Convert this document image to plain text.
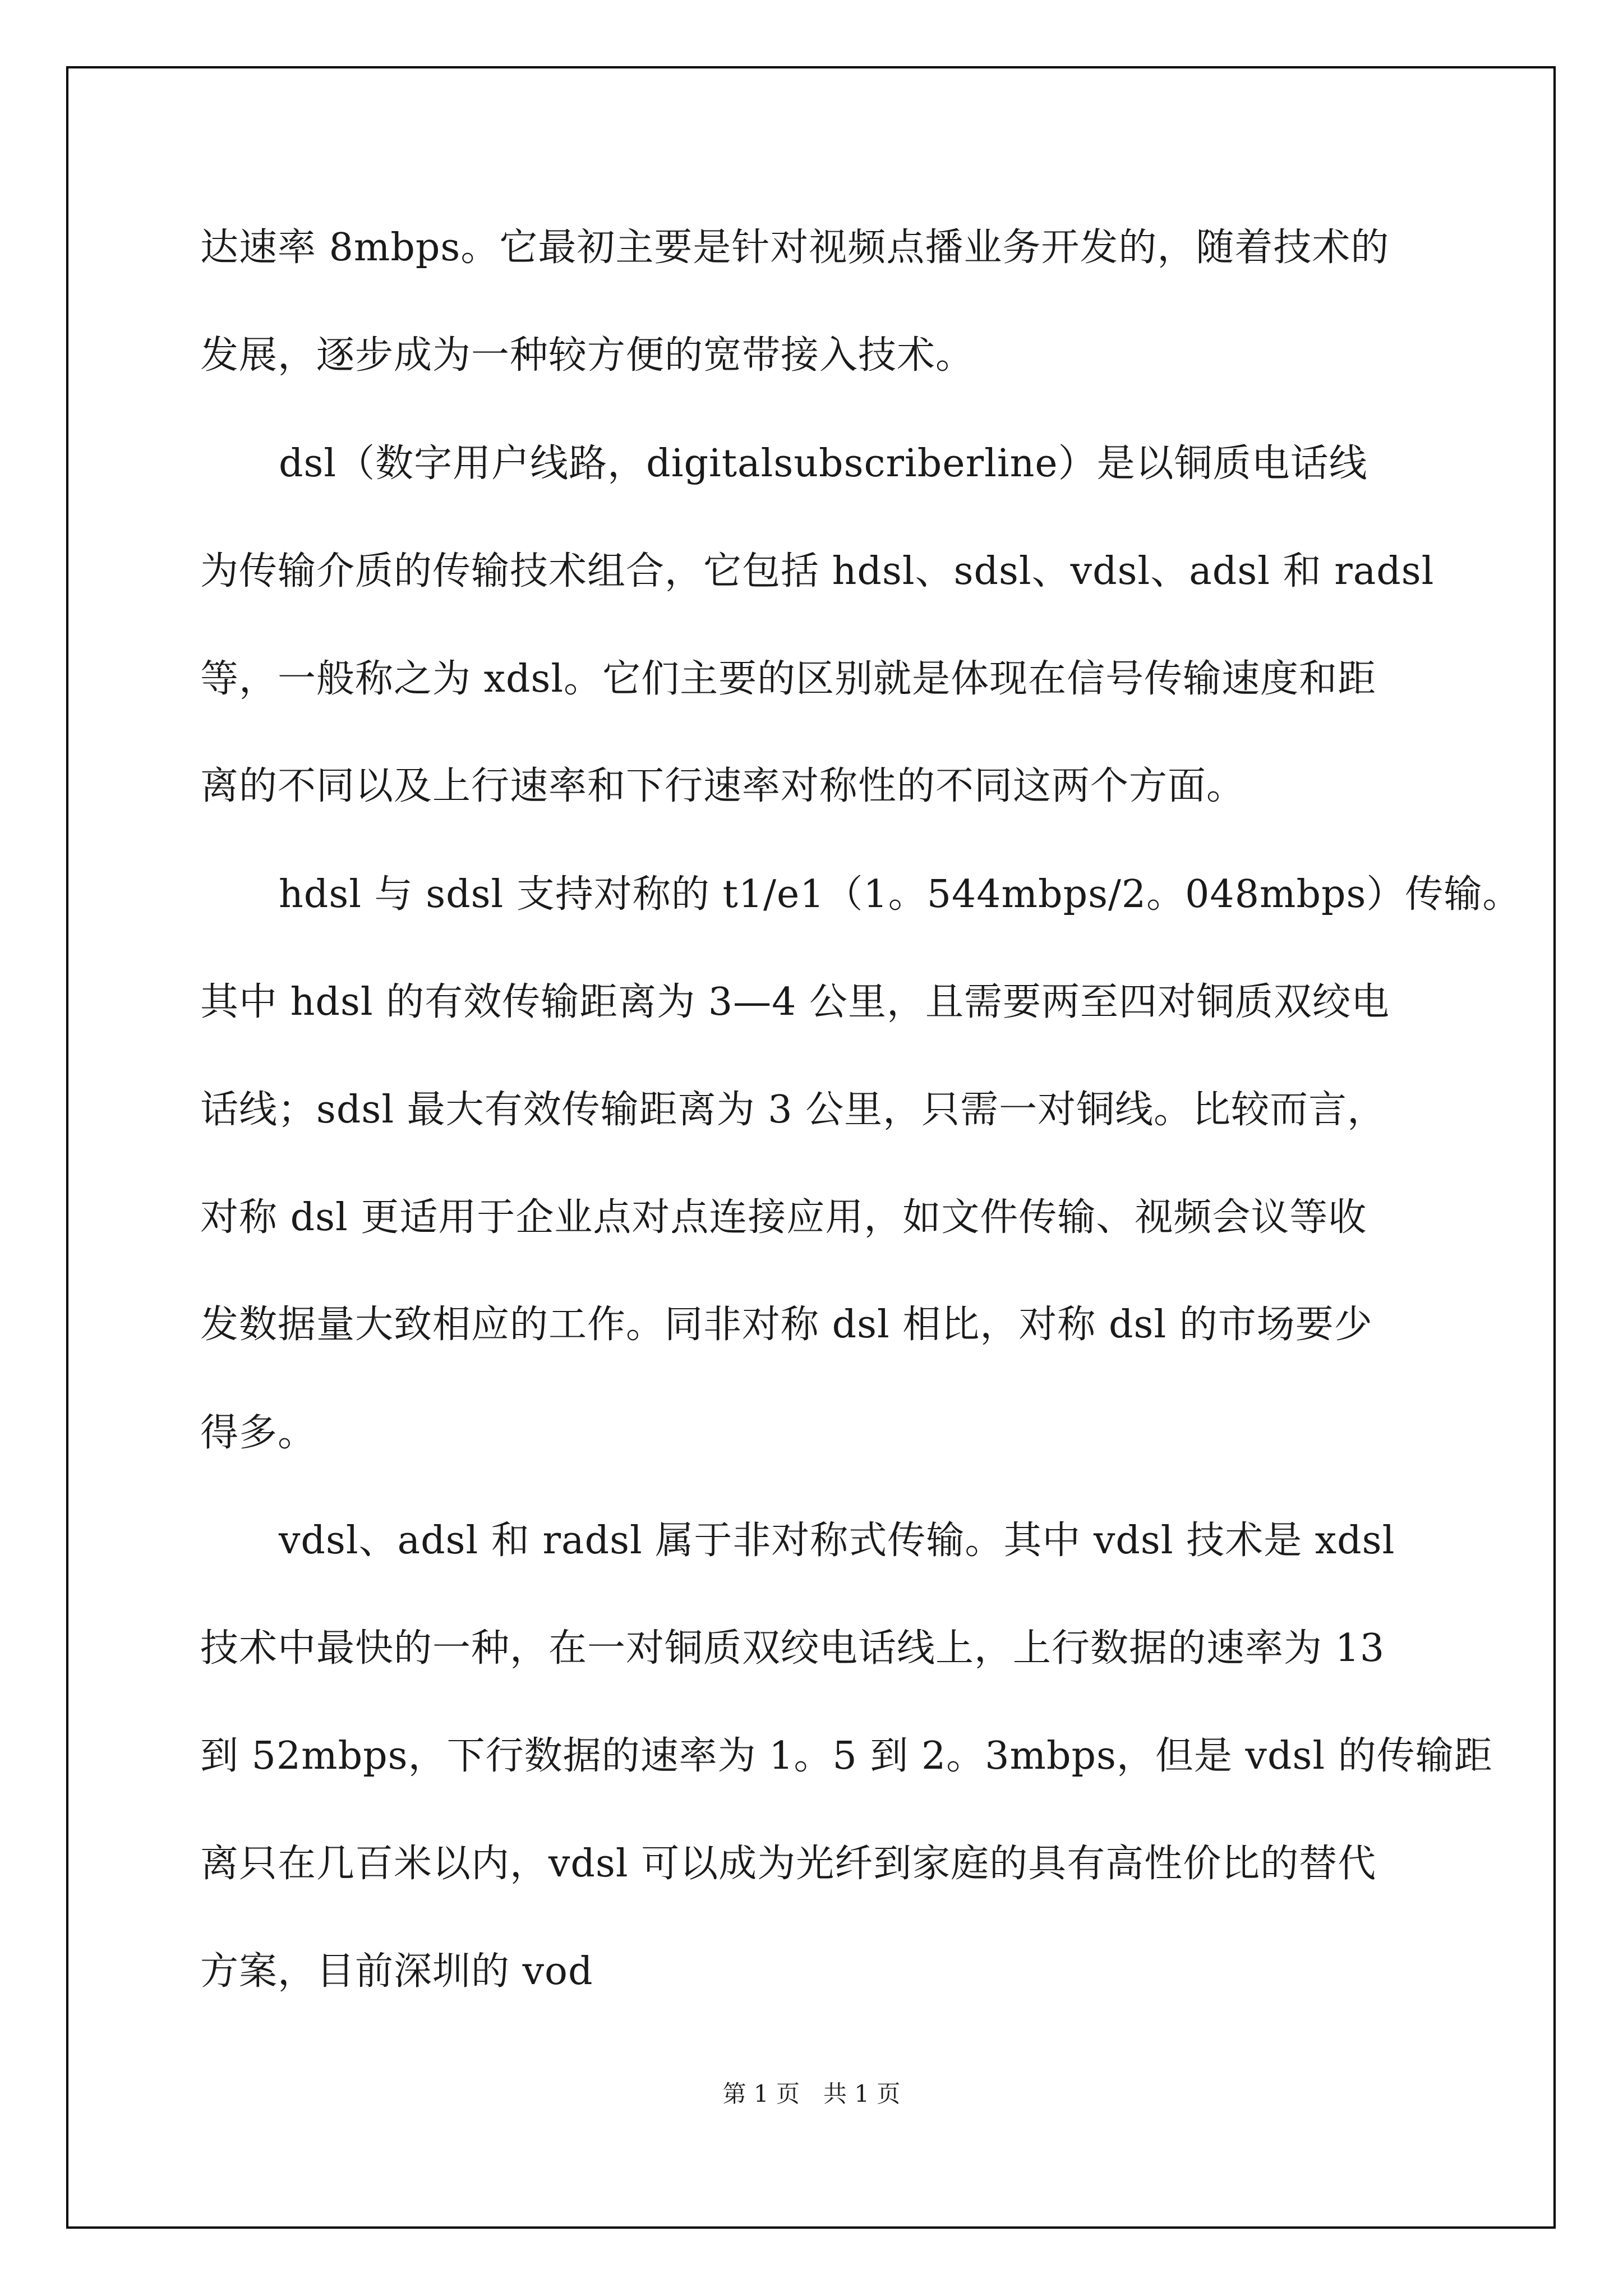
达速率 8mbps。它最初主要是针对视频点播业务开发的，随着技术的
发展，逐步成为一种较方便的宽带接入技术。
dsl（数字用户线路，digitalsubscriberline）是以铜质电话线
为传输介质的传输技术组合，它包括 hdsl、sdsl、vdsl、adsl 和 radsl
等，一般称之为 xdsl。它们主要的区别就是体现在信号传输速度和距
离的不同以及上行速率和下行速率对称性的不同这两个方面。
hdsl 与 sdsl 支持对称的 t1/e1（1。544mbps/2。048mbps）传输。
其中 hdsl 的有效传输距离为 3—4 公里，且需要两至四对铜质双绞电
话线；sdsl 最大有效传输距离为 3 公里，只需一对铜线。比较而言，
对称 dsl 更适用于企业点对点连接应用，如文件传输、视频会议等收
发数据量大致相应的工作。同非对称 dsl 相比，对称 dsl 的市场要少
得多。
vdsl、adsl 和 radsl 属于非对称式传输。其中 vdsl 技术是 xdsl
技术中最快的一种，在一对铜质双绞电话线上，上行数据的速率为 13
到 52mbps，下行数据的速率为 1。5 到 2。3mbps，但是 vdsl 的传输距
离只在几百米以内，vdsl 可以成为光纤到家庭的具有高性价比的替代
方案，目前深圳的 vod
第 1 页　共 1 页
